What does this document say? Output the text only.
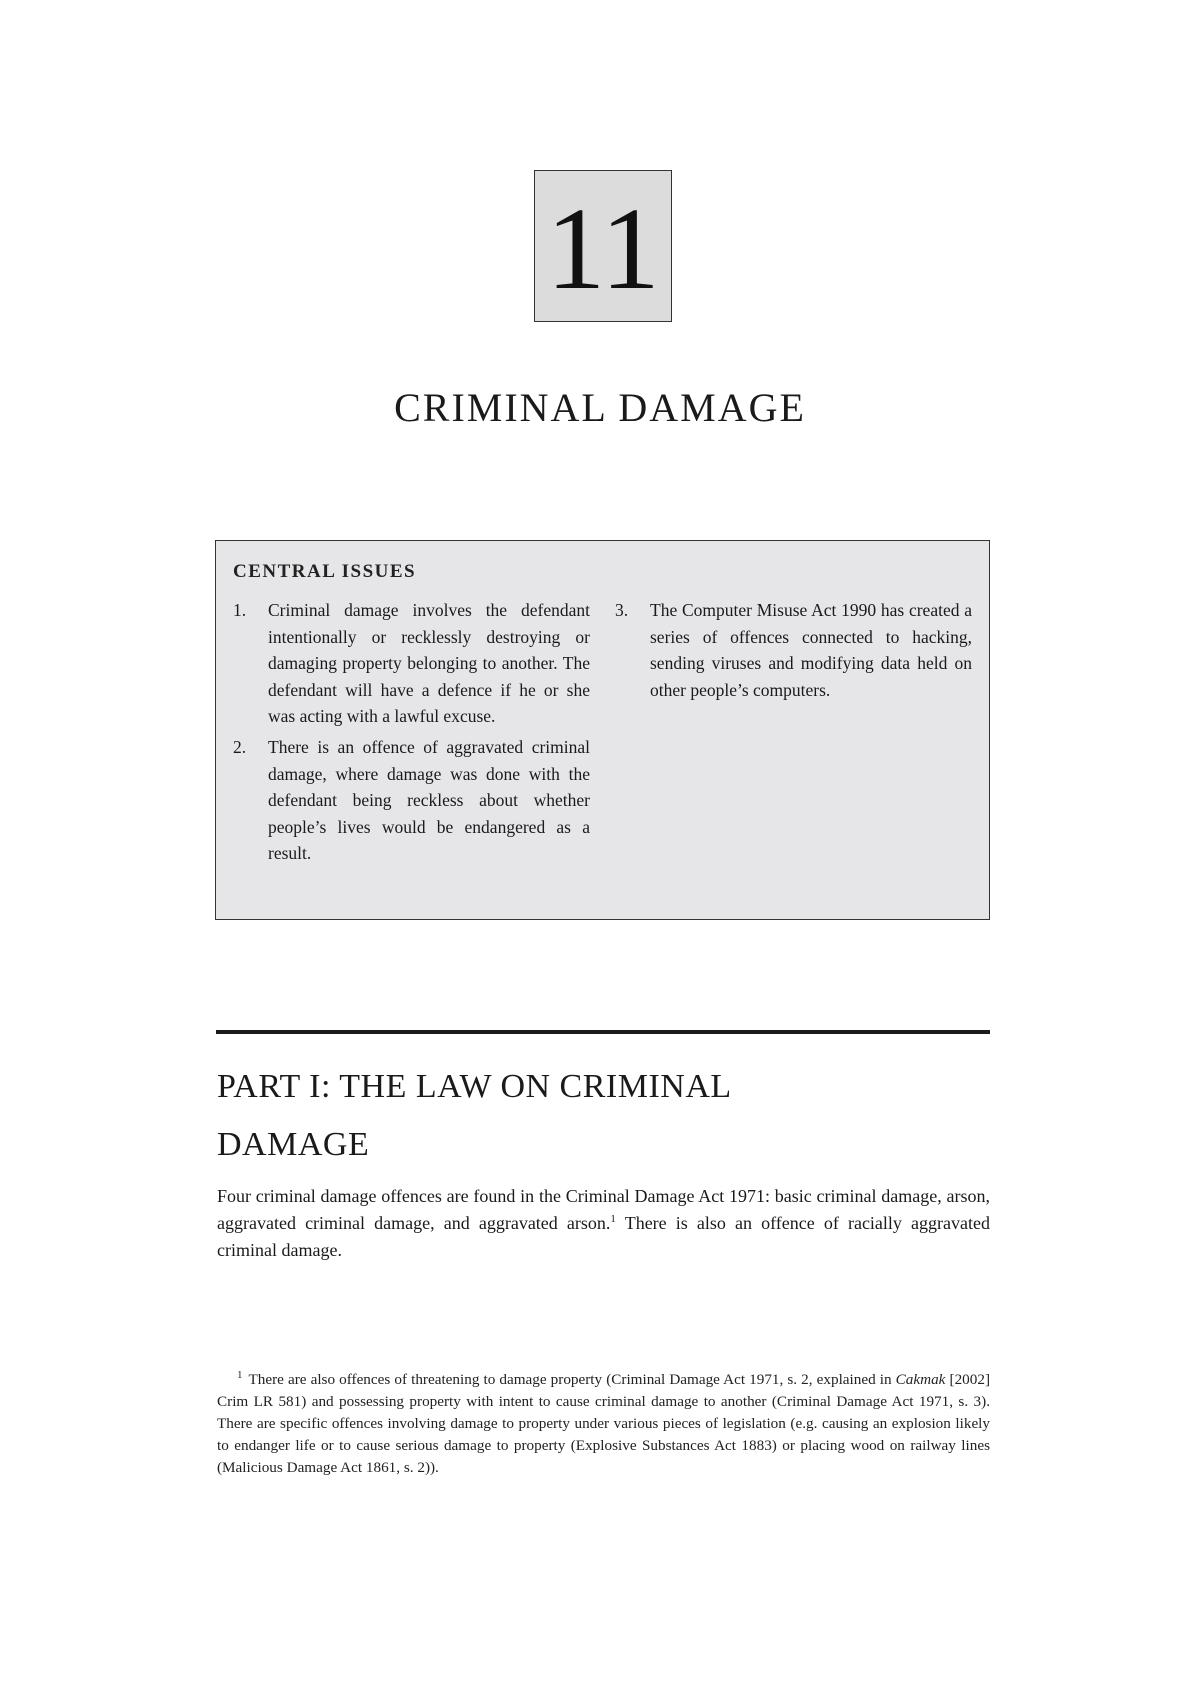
11
CRIMINAL DAMAGE
CENTRAL ISSUES
1.	Criminal damage involves the defendant intentionally or recklessly destroying or damaging property belonging to another. The defendant will have a defence if he or she was acting with a lawful excuse.
2.	There is an offence of aggravated criminal damage, where damage was done with the defendant being reckless about whether people’s lives would be endangered as a result.
3.	The Computer Misuse Act 1990 has created a series of offences connected to hacking, sending viruses and modifying data held on other people’s computers.
PART I: THE LAW ON CRIMINAL
DAMAGE
Four criminal damage offences are found in the Criminal Damage Act 1971: basic criminal damage, arson, aggravated criminal damage, and aggravated arson.$^1$ There is also an offence of racially aggravated criminal damage.
1 There are also offences of threatening to damage property (Criminal Damage Act 1971, s. 2, explained in Cakmak [2002] Crim LR 581) and possessing property with intent to cause criminal damage to another (Criminal Damage Act 1971, s. 3). There are specific offences involving damage to property under various pieces of legislation (e.g. causing an explosion likely to endanger life or to cause serious damage to property (Explosive Substances Act 1883) or placing wood on railway lines (Malicious Damage Act 1861, s. 2)).
